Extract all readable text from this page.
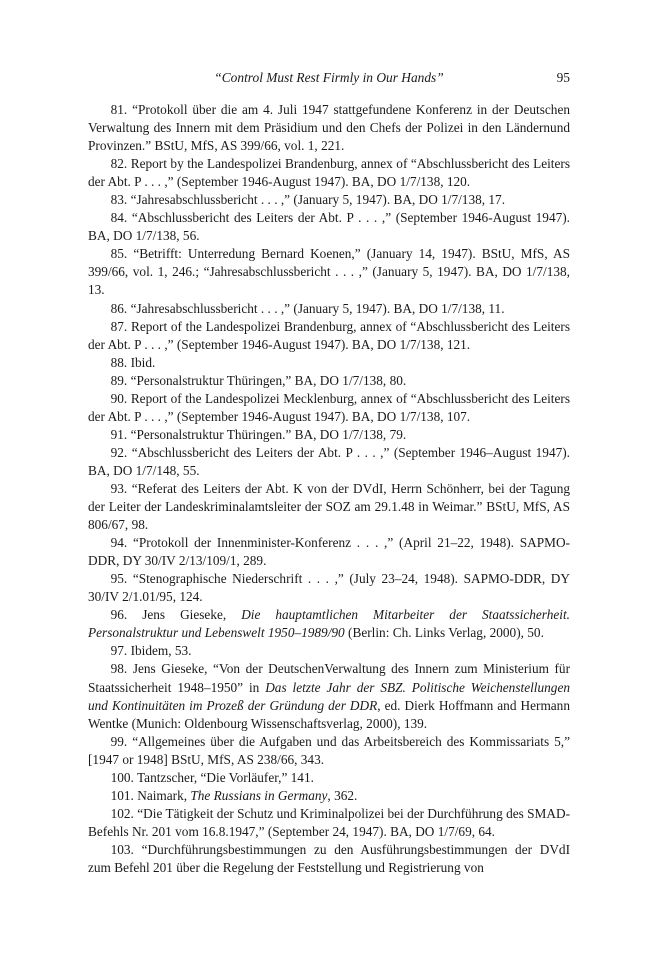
“Control Must Rest Firmly in Our Hands”	95

81. “Protokoll über die am 4. Juli 1947 stattgefundene Konferenz in der Deutschen Verwaltung des Innern mit dem Präsidium und den Chefs der Polizei in den Ländernund Provinzen.” BStU, MfS, AS 399/66, vol. 1, 221.

82. Report by the Landespolizei Brandenburg, annex of “Abschlussbericht des Leiters der Abt. P . . . ,” (September 1946-August 1947). BA, DO 1/7/138, 120.

83. “Jahresabschlussbericht . . . ,” (January 5, 1947). BA, DO 1/7/138, 17.

84. “Abschlussbericht des Leiters der Abt. P . . . ,” (September 1946-August 1947). BA, DO 1/7/138, 56.

85. “Betrifft: Unterredung Bernard Koenen,” (January 14, 1947). BStU, MfS, AS 399/66, vol. 1, 246.; “Jahresabschlussbericht . . . ,” (January 5, 1947). BA, DO 1/7/138, 13.

86. “Jahresabschlussbericht . . . ,” (January 5, 1947). BA, DO 1/7/138, 11.

87. Report of the Landespolizei Brandenburg, annex of “Abschlussbericht des Leiters der Abt. P . . . ,” (September 1946-August 1947). BA, DO 1/7/138, 121.

88. Ibid.

89. “Personalstruktur Thüringen,” BA, DO 1/7/138, 80.

90. Report of the Landespolizei Mecklenburg, annex of “Abschlussbericht des Leiters der Abt. P . . . ,” (September 1946-August 1947). BA, DO 1/7/138, 107.

91. “Personalstruktur Thüringen.” BA, DO 1/7/138, 79.

92. “Abschlussbericht des Leiters der Abt. P . . . ,” (September 1946–August 1947). BA, DO 1/7/148, 55.

93. “Referat des Leiters der Abt. K von der DVdI, Herrn Schönherr, bei der Tagung der Leiter der Landeskriminalamtsleiter der SOZ am 29.1.48 in Weimar.” BStU, MfS, AS 806/67, 98.

94. “Protokoll der Innenminister-Konferenz . . . ,” (April 21–22, 1948). SAPMO-DDR, DY 30/IV 2/13/109/1, 289.

95. “Stenographische Niederschrift . . . ,” (July 23–24, 1948). SAPMO-DDR, DY 30/IV 2/1.01/95, 124.

96. Jens Gieseke, Die hauptamtlichen Mitarbeiter der Staatssicherheit. Personalstruktur und Lebenswelt 1950–1989/90 (Berlin: Ch. Links Verlag, 2000), 50.

97. Ibidem, 53.

98. Jens Gieseke, “Von der DeutschenVerwaltung des Innern zum Ministerium für Staatssicherheit 1948–1950” in Das letzte Jahr der SBZ. Politische Weichenstellungen und Kontinuitäten im Prozeß der Gründung der DDR, ed. Dierk Hoffmann and Hermann Wentke (Munich: Oldenbourg Wissenschaftsverlag, 2000), 139.

99. “Allgemeines über die Aufgaben und das Arbeitsbereich des Kommissariats 5,” [1947 or 1948] BStU, MfS, AS 238/66, 343.

100. Tantzscher, “Die Vorläufer,” 141.

101. Naimark, The Russians in Germany, 362.

102. “Die Tätigkeit der Schutz und Kriminalpolizei bei der Durchführung des SMAD-Befehls Nr. 201 vom 16.8.1947,” (September 24, 1947). BA, DO 1/7/69, 64.

103. “Durchführungsbestimmungen zu den Ausführungsbestimmungen der DVdI zum Befehl 201 über die Regelung der Feststellung und Registrierung von
